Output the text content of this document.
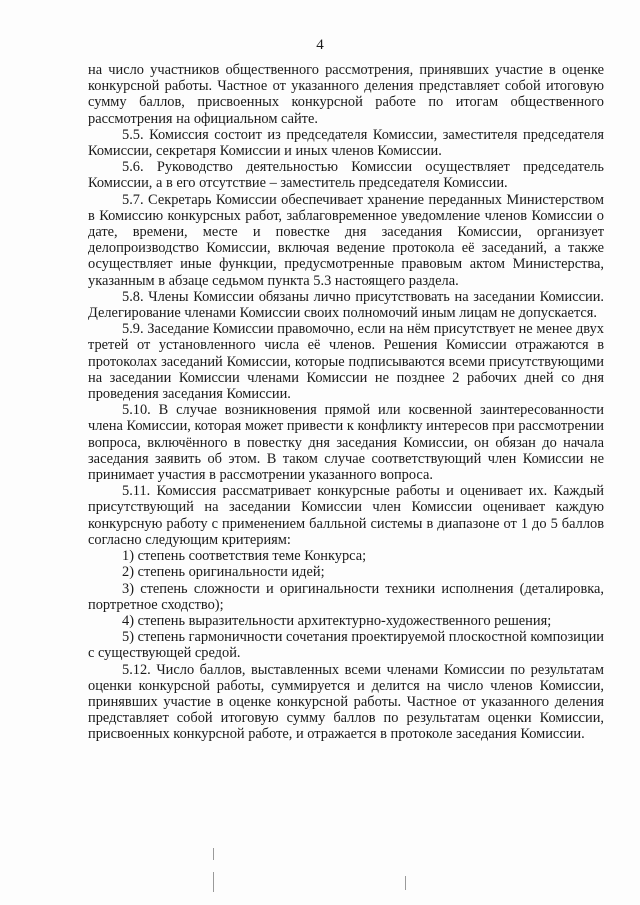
4

на число участников общественного рассмотрения, принявших участие в оценке конкурсной работы. Частное от указанного деления представляет собой итоговую сумму баллов, присвоенных конкурсной работе по итогам общественного рассмотрения на официальном сайте.

5.5. Комиссия состоит из председателя Комиссии, заместителя председателя Комиссии, секретаря Комиссии и иных членов Комиссии.

5.6. Руководство деятельностью Комиссии осуществляет председатель Комиссии, а в его отсутствие – заместитель председателя Комиссии.

5.7. Секретарь Комиссии обеспечивает хранение переданных Министерством в Комиссию конкурсных работ, заблаговременное уведомление членов Комиссии о дате, времени, месте и повестке дня заседания Комиссии, организует делопроизводство Комиссии, включая ведение протокола её заседаний, а также осуществляет иные функции, предусмотренные правовым актом Министерства, указанным в абзаце седьмом пункта 5.3 настоящего раздела.

5.8. Члены Комиссии обязаны лично присутствовать на заседании Комиссии. Делегирование членами Комиссии своих полномочий иным лицам не допускается.

5.9. Заседание Комиссии правомочно, если на нём присутствует не менее двух третей от установленного числа её членов. Решения Комиссии отражаются в протоколах заседаний Комиссии, которые подписываются всеми присутствующими на заседании Комиссии членами Комиссии не позднее 2 рабочих дней со дня проведения заседания Комиссии.

5.10. В случае возникновения прямой или косвенной заинтересованности члена Комиссии, которая может привести к конфликту интересов при рассмотрении вопроса, включённого в повестку дня заседания Комиссии, он обязан до начала заседания заявить об этом. В таком случае соответствующий член Комиссии не принимает участия в рассмотрении указанного вопроса.

5.11. Комиссия рассматривает конкурсные работы и оценивает их. Каждый присутствующий на заседании Комиссии член Комиссии оценивает каждую конкурсную работу с применением балльной системы в диапазоне от 1 до 5 баллов согласно следующим критериям:

1) степень соответствия теме Конкурса;

2) степень оригинальности идей;

3) степень сложности и оригинальности техники исполнения (деталировка, портретное сходство);

4) степень выразительности архитектурно-художественного решения;

5) степень гармоничности сочетания проектируемой плоскостной композиции с существующей средой.

5.12. Число баллов, выставленных всеми членами Комиссии по результатам оценки конкурсной работы, суммируется и делится на число членов Комиссии, принявших участие в оценке конкурсной работы. Частное от указанного деления представляет собой итоговую сумму баллов по результатам оценки Комиссии, присвоенных конкурсной работе, и отражается в протоколе заседания Комиссии.
